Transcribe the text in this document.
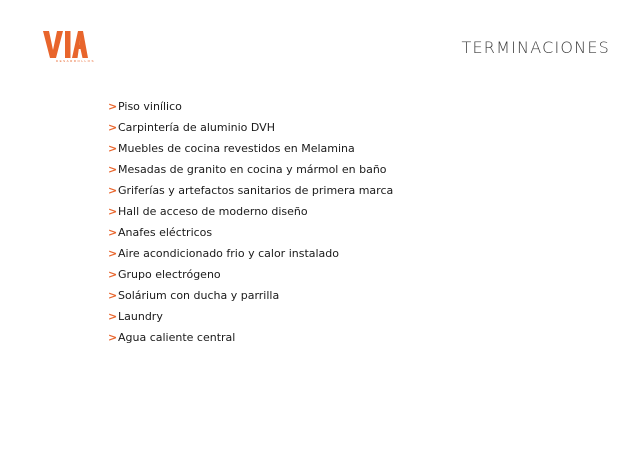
DESARROLLOS
TERMINACIONES
> Piso vinílico
> Carpintería de aluminio DVH
> Muebles de cocina revestidos en Melamina
> Mesadas de granito en cocina y mármol en baño
> Griferías y artefactos sanitarios de primera marca
> Hall de acceso de moderno diseño
> Anafes eléctricos
> Aire acondicionado frio y calor instalado
> Grupo electrógeno
> Solárium con ducha y parrilla
> Laundry
> Agua caliente central
